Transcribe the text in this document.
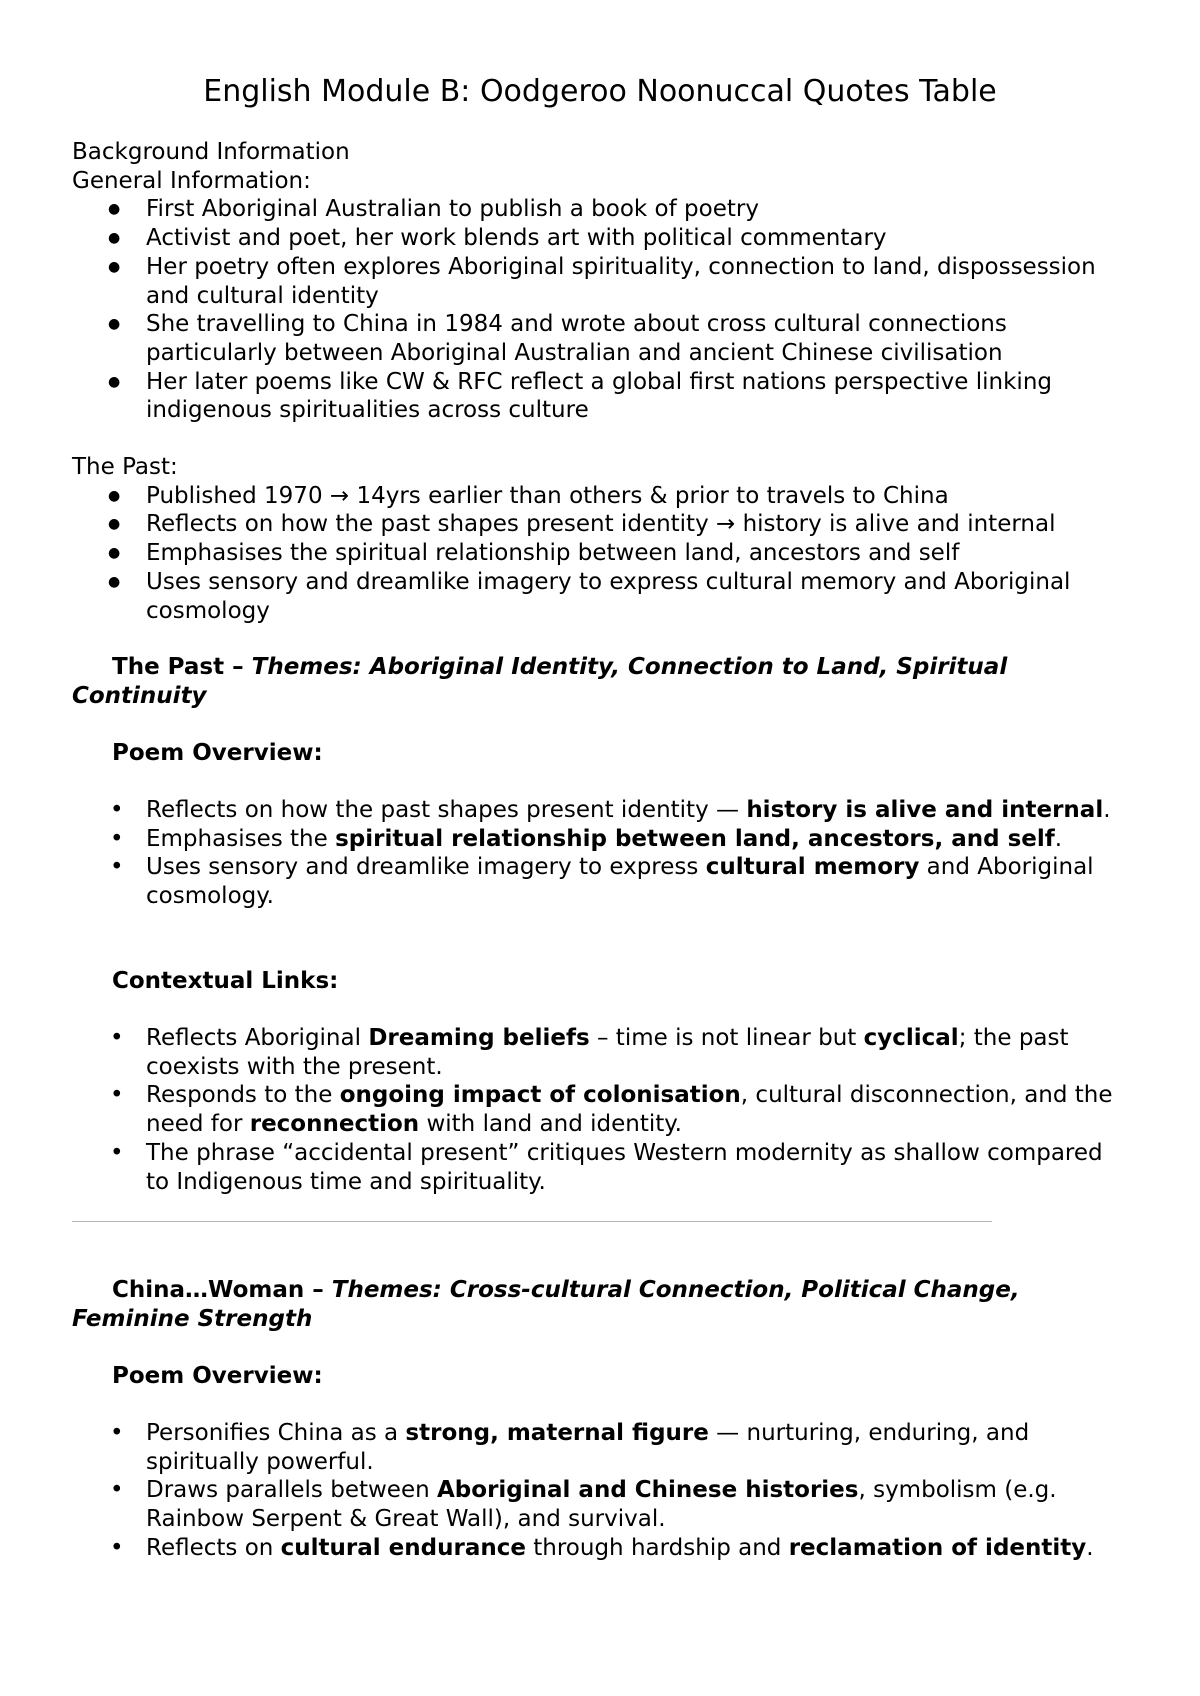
English Module B: Oodgeroo Noonuccal Quotes Table

Background Information

General Information:

● First Aboriginal Australian to publish a book of poetry
● Activist and poet, her work blends art with political commentary
● Her poetry often explores Aboriginal spirituality, connection to land, dispossession and cultural identity
● She travelling to China in 1984 and wrote about cross cultural connections particularly between Aboriginal Australian and ancient Chinese civilisation
● Her later poems like CW & RFC reflect a global first nations perspective linking indigenous spiritualities across culture

The Past:

● Published 1970 → 14yrs earlier than others & prior to travels to China
● Reflects on how the past shapes present identity → history is alive and internal
● Emphasises the spiritual relationship between land, ancestors and self
● Uses sensory and dreamlike imagery to express cultural memory and Aboriginal cosmology
The Past – Themes: Aboriginal Identity, Connection to Land, Spiritual Continuity
Poem Overview:
• Reflects on how the past shapes present identity — history is alive and internal.
• Emphasises the spiritual relationship between land, ancestors, and self.
• Uses sensory and dreamlike imagery to express cultural memory and Aboriginal cosmology.
Contextual Links:
• Reflects Aboriginal Dreaming beliefs – time is not linear but cyclical; the past coexists with the present.
• Responds to the ongoing impact of colonisation, cultural disconnection, and the need for reconnection with land and identity.
• The phrase “accidental present” critiques Western modernity as shallow compared to Indigenous time and spirituality.
China…Woman – Themes: Cross-cultural Connection, Political Change, Feminine Strength
Poem Overview:
• Personifies China as a strong, maternal figure — nurturing, enduring, and spiritually powerful.
• Draws parallels between Aboriginal and Chinese histories, symbolism (e.g. Rainbow Serpent & Great Wall), and survival.
• Reflects on cultural endurance through hardship and reclamation of identity.
